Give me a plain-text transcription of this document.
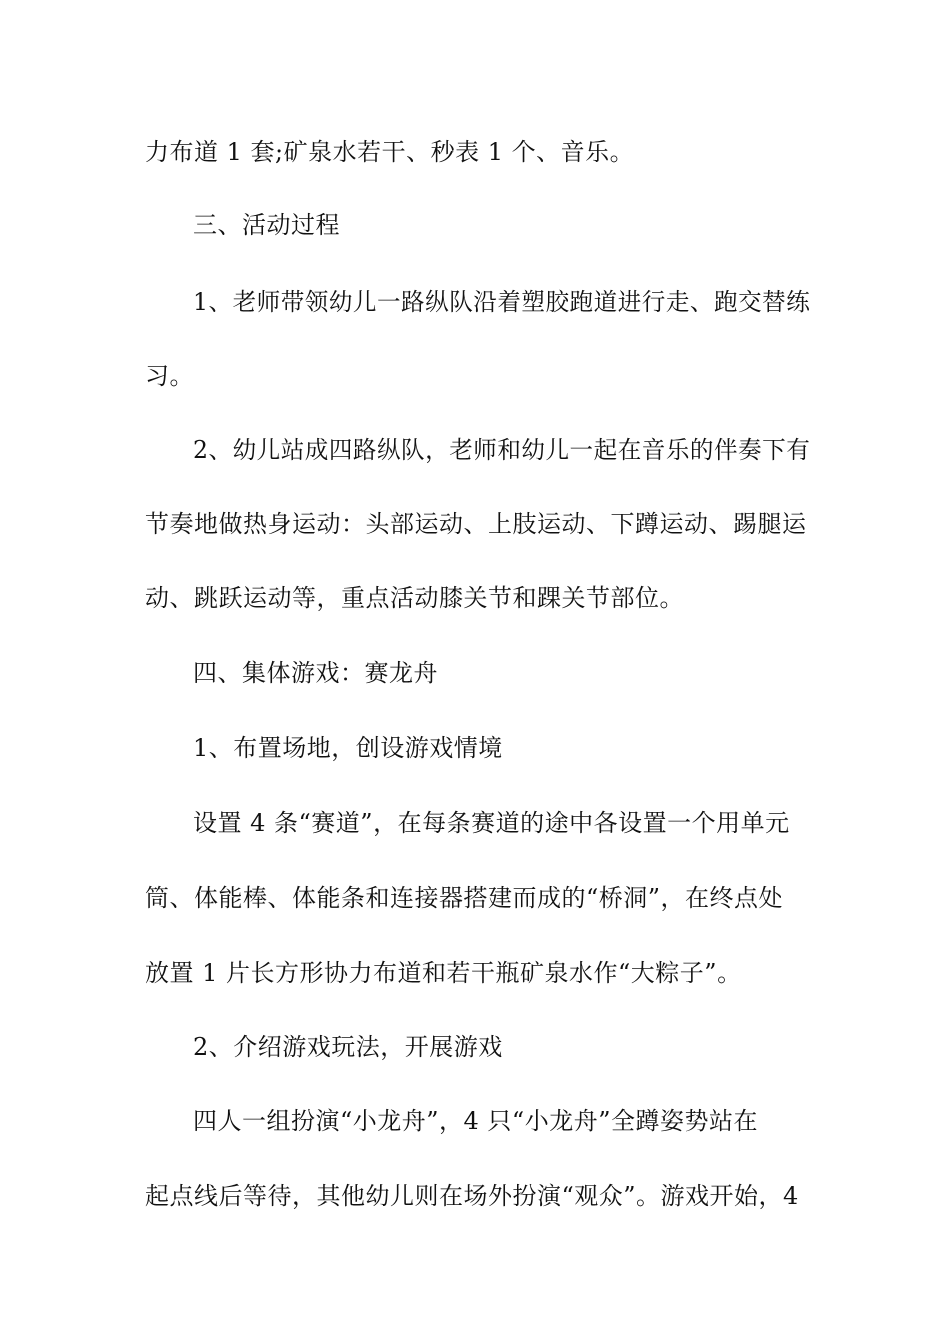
力布道 1 套;矿泉水若干、秒表 1 个、音乐。
三、活动过程
1、老师带领幼儿一路纵队沿着塑胶跑道进行走、跑交替练
习。
2、幼儿站成四路纵队，老师和幼儿一起在音乐的伴奏下有
节奏地做热身运动：头部运动、上肢运动、下蹲运动、踢腿运
动、跳跃运动等，重点活动膝关节和踝关节部位。
四、集体游戏：赛龙舟
1、布置场地，创设游戏情境
设置 4 条“赛道”，在每条赛道的途中各设置一个用单元
筒、体能棒、体能条和连接器搭建而成的“桥洞”，在终点处
放置 1 片长方形协力布道和若干瓶矿泉水作“大粽子”。
2、介绍游戏玩法，开展游戏
四人一组扮演“小龙舟”，4 只“小龙舟”全蹲姿势站在
起点线后等待，其他幼儿则在场外扮演“观众”。游戏开始，4
